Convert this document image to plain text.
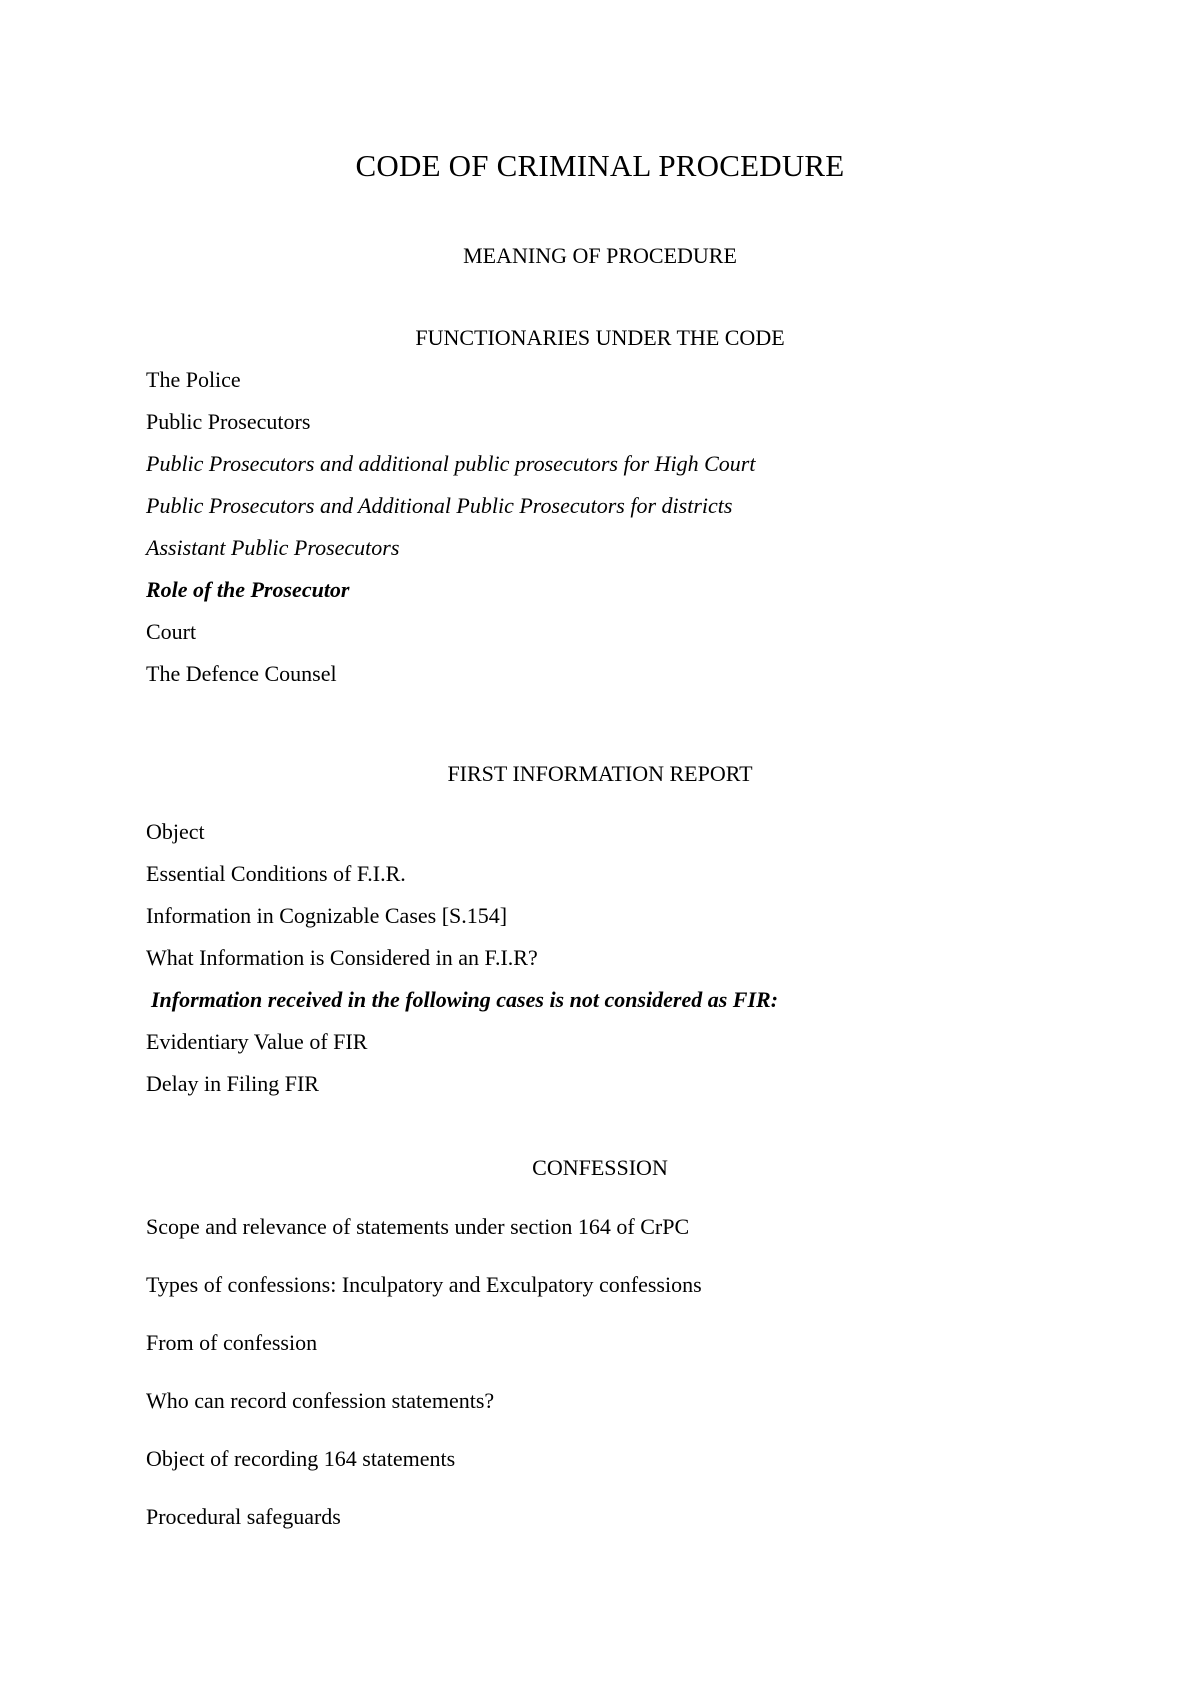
CODE OF CRIMINAL PROCEDURE
MEANING OF PROCEDURE
FUNCTIONARIES UNDER THE CODE
The Police
Public Prosecutors
Public Prosecutors and additional public prosecutors for High Court
Public Prosecutors and Additional Public Prosecutors for districts
Assistant Public Prosecutors
Role of the Prosecutor
Court
The Defence Counsel
FIRST INFORMATION REPORT
Object
Essential Conditions of F.I.R.
Information in Cognizable Cases [S.154]
What Information is Considered in an F.I.R?
Information received in the following cases is not considered as FIR:
Evidentiary Value of FIR
Delay in Filing FIR
CONFESSION
Scope and relevance of statements under section 164 of CrPC
Types of confessions: Inculpatory and Exculpatory confessions
From of confession
Who can record confession statements?
Object of recording 164 statements
Procedural safeguards
